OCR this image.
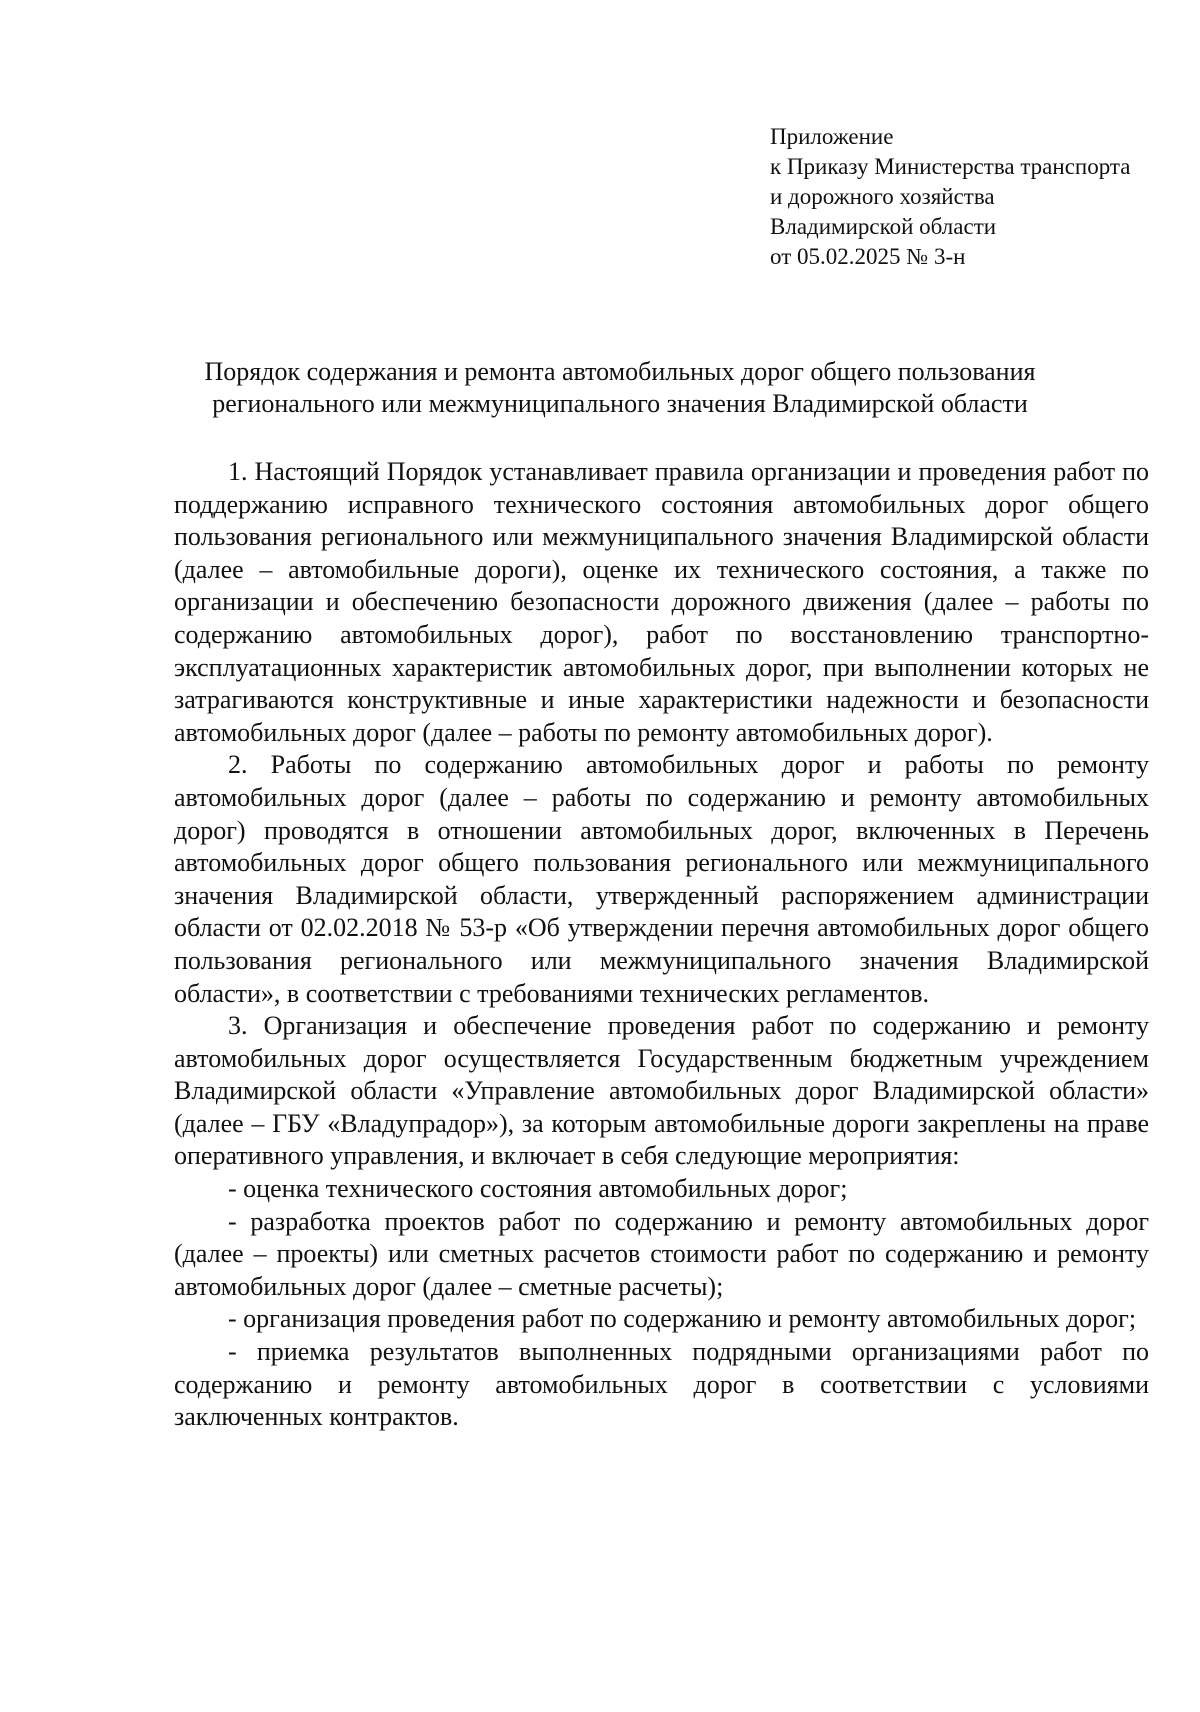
Приложение
к Приказу Министерства транспорта
и дорожного хозяйства
Владимирской области
от 05.02.2025 № 3-н
Порядок содержания и ремонта автомобильных дорог общего пользования
регионального или межмуниципального значения Владимирской области

1. Настоящий Порядок устанавливает правила организации и проведения работ по поддержанию исправного технического состояния автомобильных дорог общего пользования регионального или межмуниципального значения Владимирской области (далее – автомобильные дороги), оценке их технического состояния, а также по организации и обеспечению безопасности дорожного движения (далее – работы по содержанию автомобильных дорог), работ по восстановлению транспортно-эксплуатационных характеристик автомобильных дорог, при выполнении которых не затрагиваются конструктивные и иные характеристики надежности и безопасности автомобильных дорог (далее – работы по ремонту автомобильных дорог).

2. Работы по содержанию автомобильных дорог и работы по ремонту автомобильных дорог (далее – работы по содержанию и ремонту автомобильных дорог) проводятся в отношении автомобильных дорог, включенных в Перечень автомобильных дорог общего пользования регионального или межмуниципального значения Владимирской области, утвержденный распоряжением администрации области от 02.02.2018 № 53-р «Об утверждении перечня автомобильных дорог общего пользования регионального или межмуниципального значения Владимирской области», в соответствии с требованиями технических регламентов.

3. Организация и обеспечение проведения работ по содержанию и ремонту автомобильных дорог осуществляется Государственным бюджетным учреждением Владимирской области «Управление автомобильных дорог Владимирской области» (далее – ГБУ «Владупрадор»), за которым автомобильные дороги закреплены на праве оперативного управления, и включает в себя следующие мероприятия:

- оценка технического состояния автомобильных дорог;

- разработка проектов работ по содержанию и ремонту автомобильных дорог (далее – проекты) или сметных расчетов стоимости работ по содержанию и ремонту автомобильных дорог (далее – сметные расчеты);

- организация проведения работ по содержанию и ремонту автомобильных дорог;

- приемка результатов выполненных подрядными организациями работ по содержанию и ремонту автомобильных дорог в соответствии с условиями заключенных контрактов.
